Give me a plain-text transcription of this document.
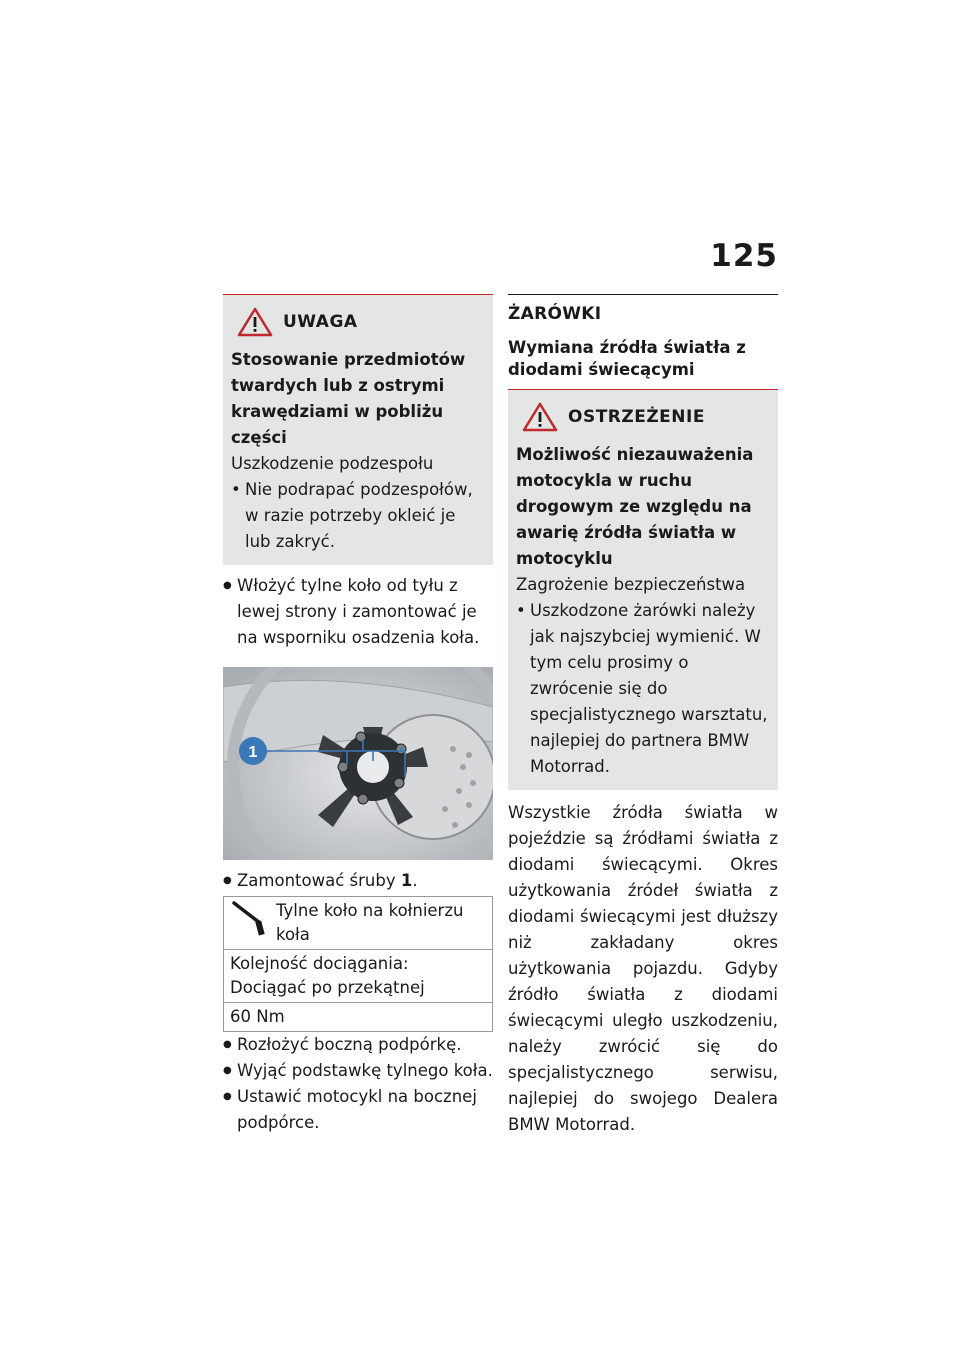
125
UWAGA
Stosowanie przedmiotów twardych lub z ostrymi krawędziami w pobliżu części
Uszkodzenie podzespołu
• Nie podrapać podzespołów, w razie potrzeby okleić je lub zakryć.
● Włożyć tylne koło od tyłu z lewej strony i zamontować je na wsporniku osadzenia koła.
1
● Zamontować śruby 1.
Tylne koło na kołnierzu koła

Kolejność dociągania: Dociągać po przekątnej
60 Nm
● Rozłożyć boczną podpórkę.
● Wyjąć podstawkę tylnego koła.
● Ustawić motocykl na bocznej podpórce.
ŻARÓWKI
Wymiana źródła światła z diodami świecącymi
OSTRZEŻENIE
Możliwość niezauważenia motocykla w ruchu drogowym ze względu na awarię źródła światła w motocyklu
Zagrożenie bezpieczeństwa
• Uszkodzone żarówki należy jak najszybciej wymienić. W tym celu prosimy o zwrócenie się do specjalistycznego warsztatu, najlepiej do partnera BMW Motorrad.
Wszystkie źródła światła w pojeździe są źródłami światła z diodami świecącymi. Okres użytkowania źródeł światła z diodami świecącymi jest dłuższy niż zakładany okres użytkowania pojazdu. Gdyby źródło światła z diodami świecącymi uległo uszkodzeniu, należy zwrócić się do specjalistycznego serwisu, najlepiej do swojego Dealera BMW Motorrad.
